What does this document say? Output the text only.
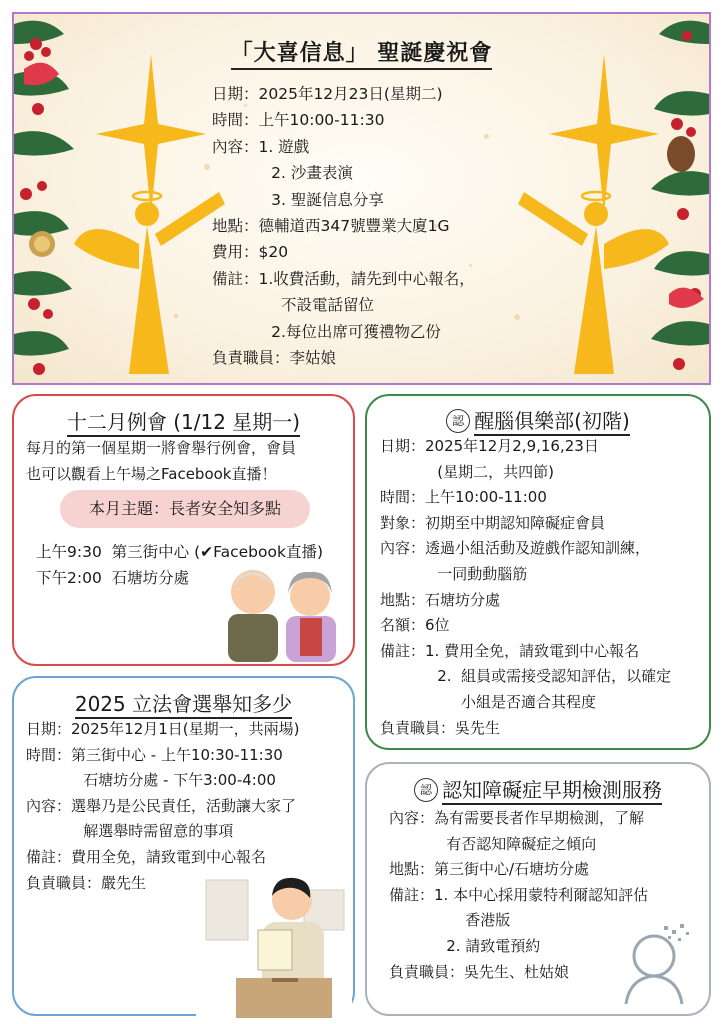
「大喜信息」 聖誕慶祝會
日期：2025年12月23日(星期二)
時間：上午10:00-11:30
內容：1. 遊戲
2. 沙畫表演
3. 聖誕信息分享
地點：德輔道西347號豐業大廈1G
費用：$20
備註：1.收費活動，請先到中心報名，
不設電話留位
2.每位出席可獲禮物乙份
負責職員：李姑娘
十二月例會 (1/12 星期一)
每月的第一個星期一將會舉行例會，會員
也可以觀看上午場之Facebook直播！
本月主題：長者安全知多點
上午9:30  第三街中心 (✔Facebook直播)
下午2:00  石塘坊分處
2025 立法會選舉知多少
日期：2025年12月1日(星期一，共兩場)
時間：第三街中心 - 上午10:30-11:30
石塘坊分處 - 下午3:00-4:00
內容：選舉乃是公民責任，活動讓大家了
解選舉時需留意的事項
備註：費用全免，請致電到中心報名
負責職員：嚴先生
認 醒腦俱樂部(初階)
日期：2025年12月2,9,16,23日
(星期二，共四節)
時間：上午10:00-11:00
對象：初期至中期認知障礙症會員
內容：透過小組活動及遊戲作認知訓練，
一同動動腦筋
地點：石塘坊分處
名額：6位
備註：1. 費用全免，請致電到中心報名
2.  組員或需接受認知評估，以確定
小組是否適合其程度
負責職員：吳先生
認 認知障礙症早期檢測服務
內容：為有需要長者作早期檢測，了解
有否認知障礙症之傾向
地點：第三街中心/石塘坊分處
備註：1. 本中心採用蒙特利爾認知評估
香港版
2. 請致電預約
負責職員：吳先生、杜姑娘
